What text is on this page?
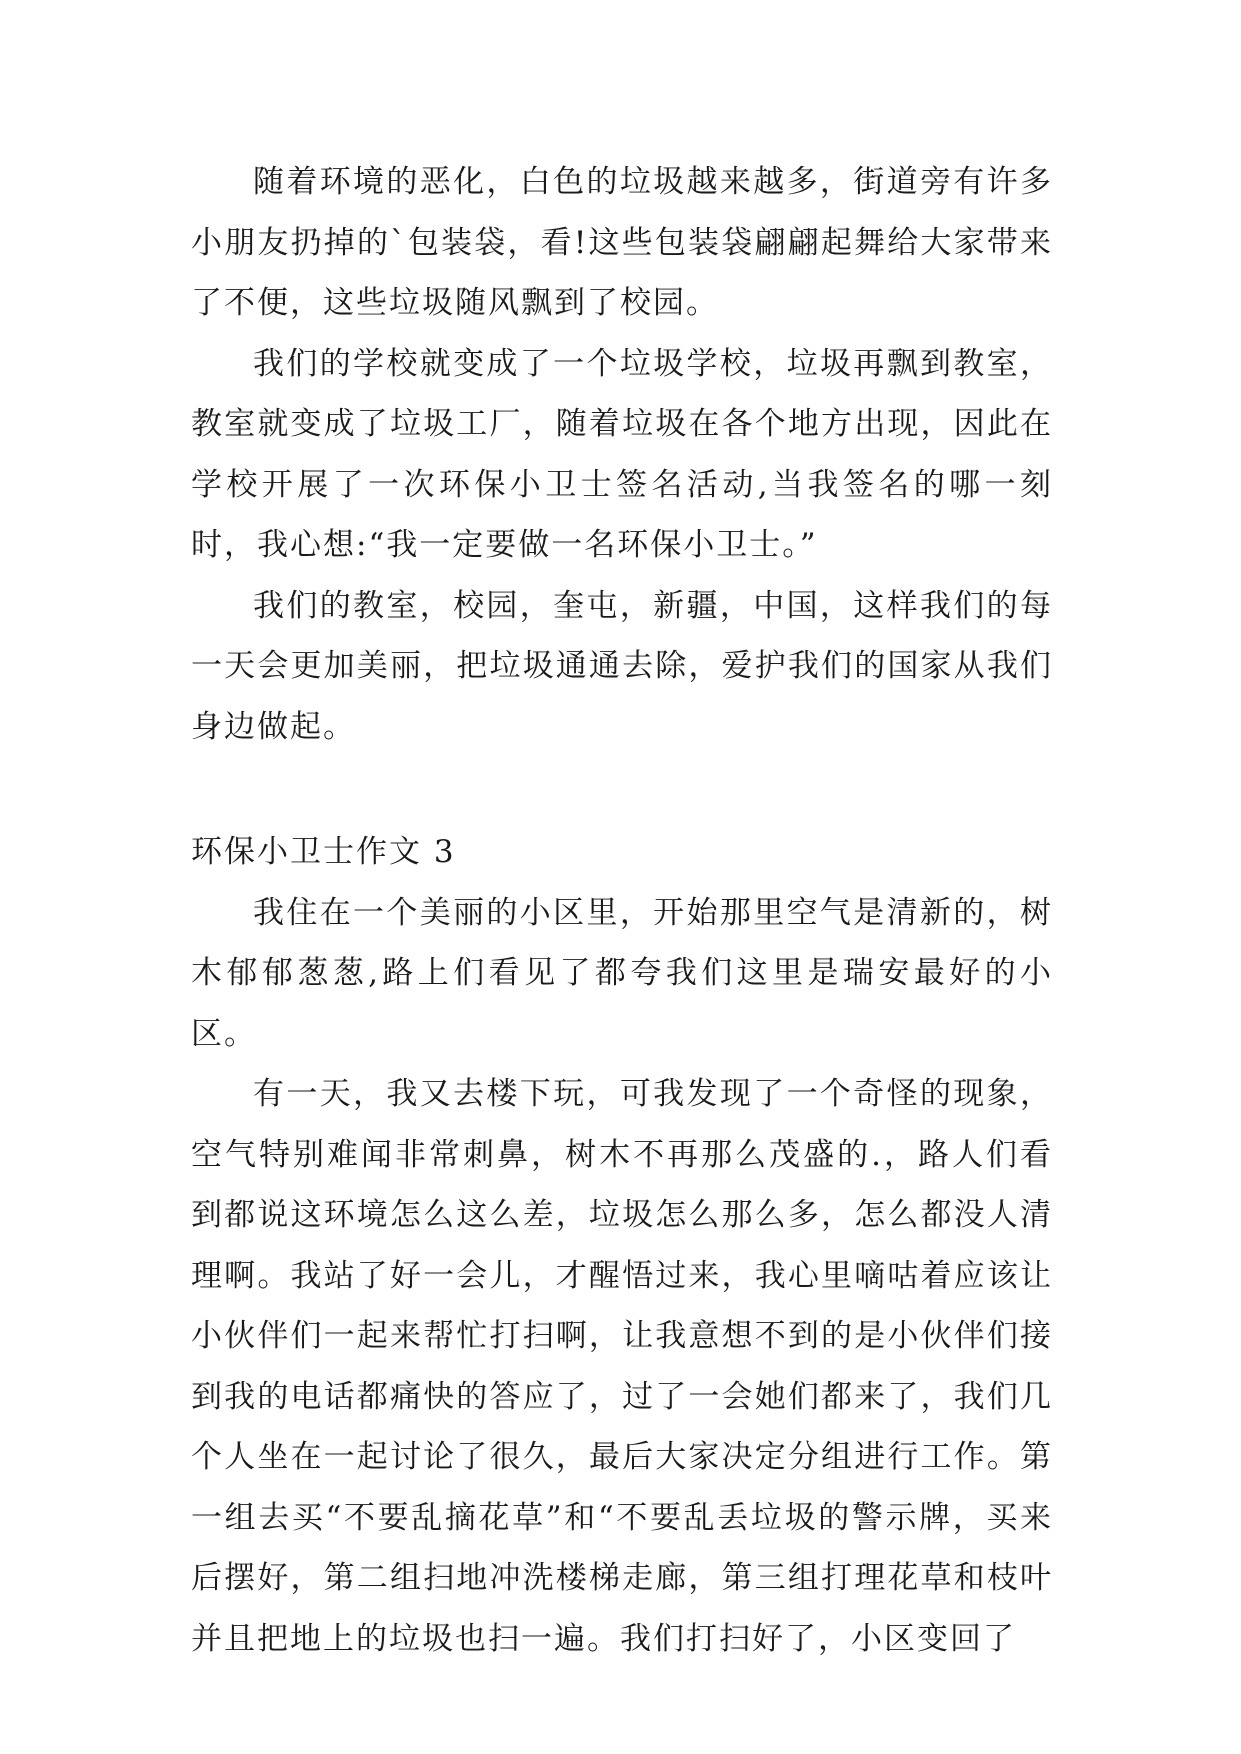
随着环境的恶化，白色的垃圾越来越多，街道旁有许多小朋友扔掉的`包装袋，看!这些包装袋翩翩起舞给大家带来了不便，这些垃圾随风飘到了校园。

我们的学校就变成了一个垃圾学校，垃圾再飘到教室，教室就变成了垃圾工厂，随着垃圾在各个地方出现，因此在学校开展了一次环保小卫士签名活动,当我签名的哪一刻时，我心想:“我一定要做一名环保小卫士。”

我们的教室，校园，奎屯，新疆，中国，这样我们的每一天会更加美丽，把垃圾通通去除，爱护我们的国家从我们身边做起。

环保小卫士作文 3

我住在一个美丽的小区里，开始那里空气是清新的，树木郁郁葱葱,路上们看见了都夸我们这里是瑞安最好的小区。

有一天，我又去楼下玩，可我发现了一个奇怪的现象，空气特别难闻非常刺鼻，树木不再那么茂盛的.，路人们看到都说这环境怎么这么差，垃圾怎么那么多，怎么都没人清理啊。我站了好一会儿，才醒悟过来，我心里嘀咕着应该让小伙伴们一起来帮忙打扫啊，让我意想不到的是小伙伴们接到我的电话都痛快的答应了，过了一会她们都来了，我们几个人坐在一起讨论了很久，最后大家决定分组进行工作。第一组去买“不要乱摘花草”和“不要乱丢垃圾的警示牌，买来后摆好，第二组扫地冲洗楼梯走廊，第三组打理花草和枝叶并且把地上的垃圾也扫一遍。我们打扫好了，小区变回了
